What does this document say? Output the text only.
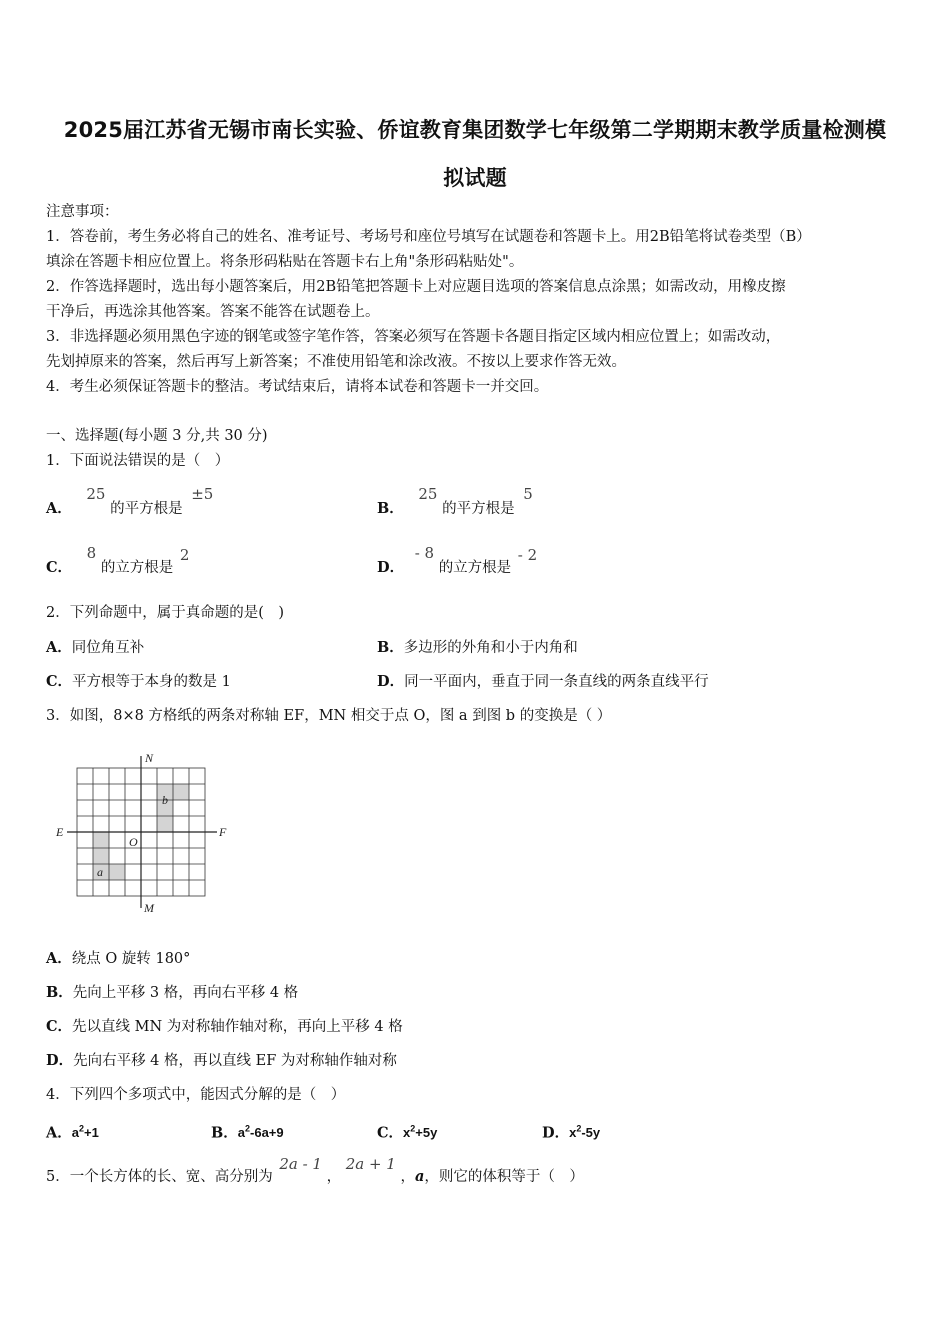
2025届江苏省无锡市南长实验、侨谊教育集团数学七年级第二学期期末教学质量检测模
拟试题
注意事项：
1．答卷前，考生务必将自己的姓名、准考证号、考场号和座位号填写在试题卷和答题卡上。用2B铅笔将试卷类型（B）
填涂在答题卡相应位置上。将条形码粘贴在答题卡右上角"条形码粘贴处"。
2．作答选择题时，选出每小题答案后，用2B铅笔把答题卡上对应题目选项的答案信息点涂黑；如需改动，用橡皮擦
干净后，再选涂其他答案。答案不能答在试题卷上。
3．非选择题必须用黑色字迹的钢笔或签字笔作答，答案必须写在答题卡各题目指定区域内相应位置上；如需改动，
先划掉原来的答案，然后再写上新答案；不准使用铅笔和涂改液。不按以上要求作答无效。
4．考生必须保证答题卡的整洁。考试结束后，请将本试卷和答题卡一并交回。
一、选择题(每小题 3 分,共 30 分)
1．下面说法错误的是（　）
A． 25 的平方根是 ±5
B． 25 的平方根是 5
C． 8 的立方根是 2
D． - 8 的立方根是 - 2
2．下列命题中，属于真命题的是(　)
A．同位角互补	B．多边形的外角和小于内角和
C．平方根等于本身的数是 1	D．同一平面内，垂直于同一条直线的两条直线平行
3．如图，8×8 方格纸的两条对称轴 EF，MN 相交于点 O，图 a 到图 b 的变换是（ ）
N
M
E	F
O
a
b
A．绕点 O 旋转 180°
B．先向上平移 3 格，再向右平移 4 格
C．先以直线 MN 为对称轴作轴对称，再向上平移 4 格
D．先向右平移 4 格，再以直线 EF 为对称轴作轴对称
4．下列四个多项式中，能因式分解的是（　）
A．$a^2+1$	B．$a^2-6a+9$	C．$x^2+5y$	D．$x^2-5y$
5．一个长方体的长、宽、高分别为 2a - 1 ， 2a + 1 ，a，则它的体积等于（　）
